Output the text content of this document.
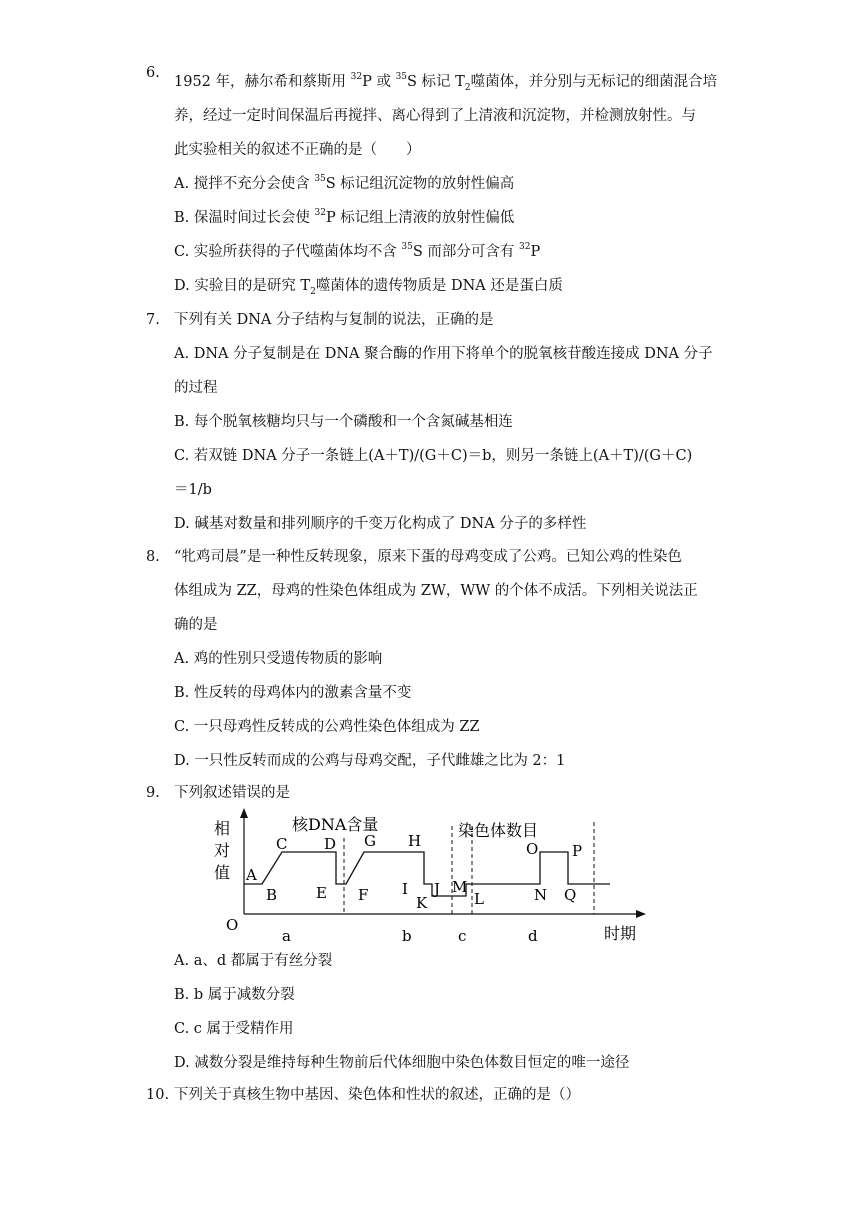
6.
1952 年，赫尔希和蔡斯用 $^{32}$P 或 $^{35}$S 标记 $T_2$噬菌体，并分别与无标记的细菌混合培
养，经过一定时间保温后再搅拌、离心得到了上清液和沉淀物，并检测放射性。与
此实验相关的叙述不正确的是（　　）
A. 搅拌不充分会使含 $^{35}$S 标记组沉淀物的放射性偏高
B. 保温时间过长会使 $^{32}$P 标记组上清液的放射性偏低
C. 实验所获得的子代噬菌体均不含 $^{35}$S 而部分可含有 $^{32}$P
D. 实验目的是研究 $T_2$噬菌体的遗传物质是 DNA 还是蛋白质
7. 下列有关 DNA 分子结构与复制的说法，正确的是
A. DNA 分子复制是在 DNA 聚合酶的作用下将单个的脱氧核苷酸连接成 DNA 分子
的过程
B. 每个脱氧核糖均只与一个磷酸和一个含氮碱基相连
C. 若双链 DNA 分子一条链上(A＋T)/(G＋C)＝b，则另一条链上(A＋T)/(G＋C)
＝1/b
D. 碱基对数量和排列顺序的千变万化构成了 DNA 分子的多样性
8. “牝鸡司晨”是一种性反转现象，原来下蛋的母鸡变成了公鸡。已知公鸡的性染色
体组成为 ZZ，母鸡的性染色体组成为 ZW，WW 的个体不成活。下列相关说法正
确的是
A. 鸡的性别只受遗传物质的影响
B. 性反转的母鸡体内的激素含量不变
C. 一只母鸡性反转成的公鸡性染色体组成为 ZZ
D. 一只性反转而成的公鸡与母鸡交配，子代雌雄之比为 2：1
9. 下列叙述错误的是
相
对
值
O	时期
核DNA含量	染色体数目
A
B
C D
E F
G H
I J
K
M
L
O
N
P
Q
a	b	c	d
A. a、d 都属于有丝分裂
B. b 属于减数分裂
C. c 属于受精作用
D. 减数分裂是维持每种生物前后代体细胞中染色体数目恒定的唯一途径
10. 下列关于真核生物中基因、染色体和性状的叙述，正确的是（）
